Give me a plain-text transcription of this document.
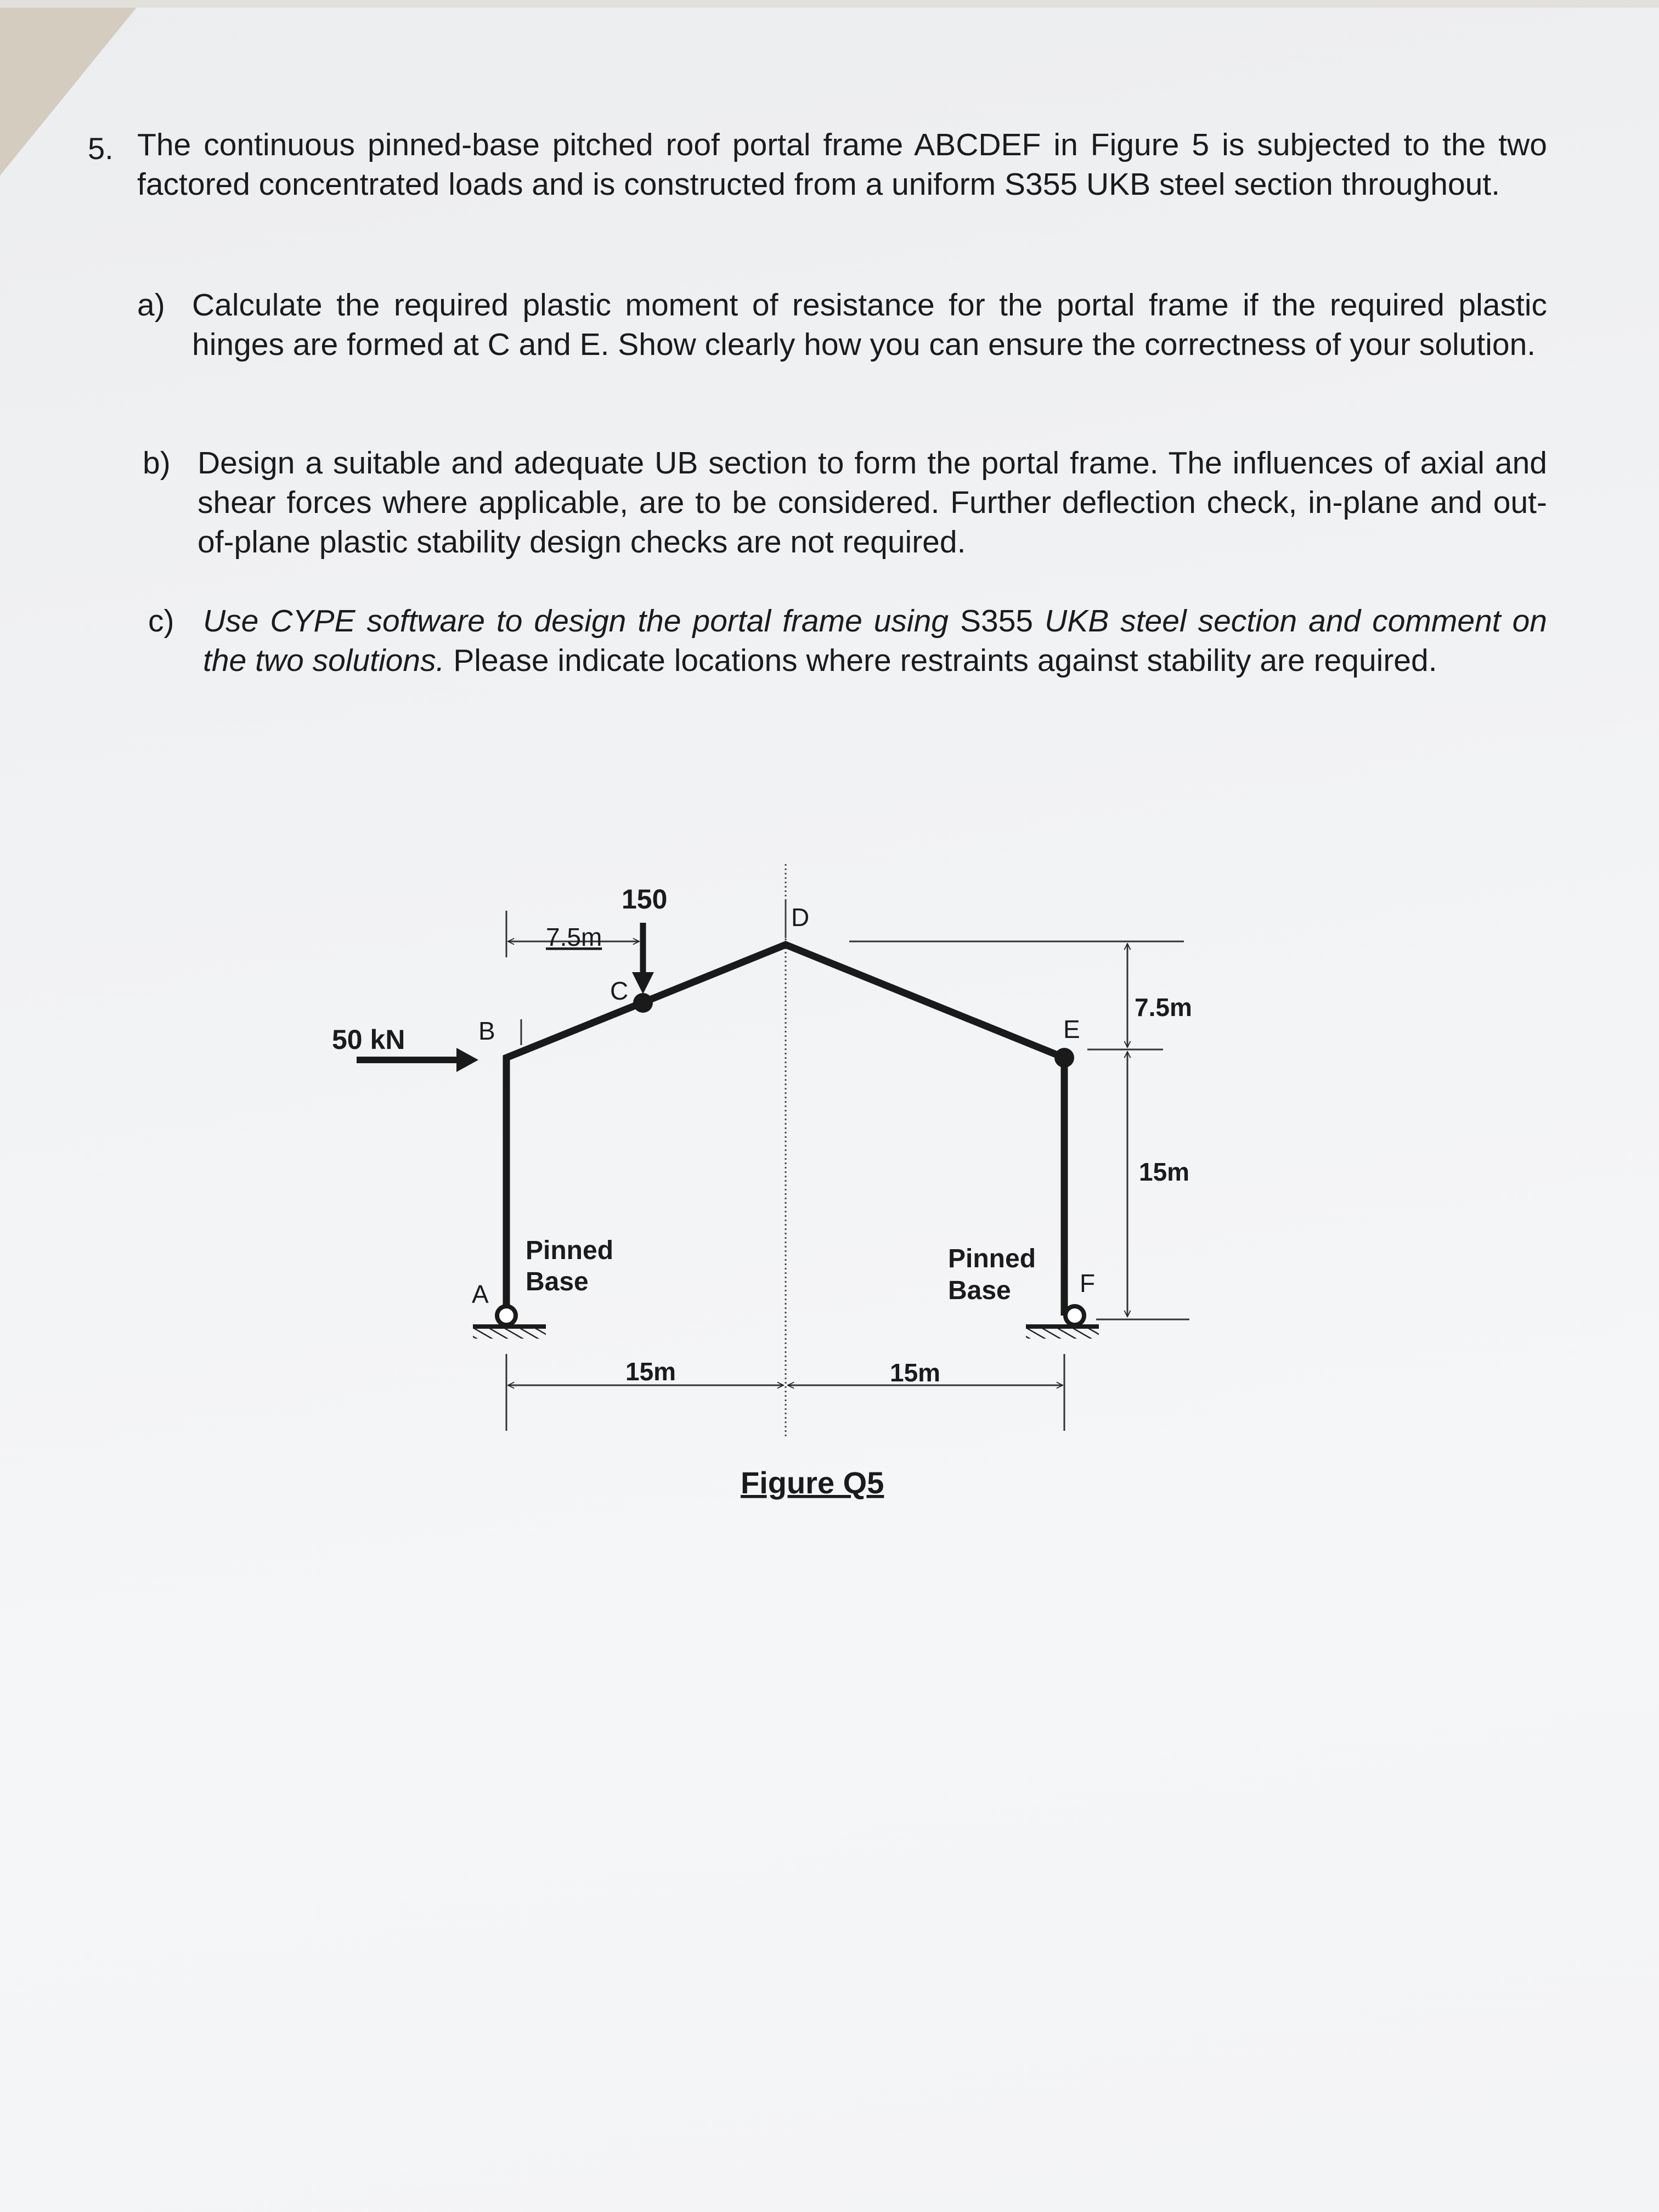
5. The continuous pinned-base pitched roof portal frame ABCDEF in Figure 5 is subjected to the two factored concentrated loads and is constructed from a uniform S355 UKB steel section throughout.

a) Calculate the required plastic moment of resistance for the portal frame if the required plastic hinges are formed at C and E. Show clearly how you can ensure the correctness of your solution.

b) Design a suitable and adequate UB section to form the portal frame. The influences of axial and shear forces where applicable, are to be considered. Further deflection check, in-plane and out-of-plane plastic stability design checks are not required.

c) Use CYPE software to design the portal frame using S355 UKB steel section and comment on the two solutions. Please indicate locations where restraints against stability are required.

150
7.5m
50 kN
A
B
C
D
E
F
Pinned
Base
Pinned
Base
7.5m
15m
15m	15m
Figure Q5
